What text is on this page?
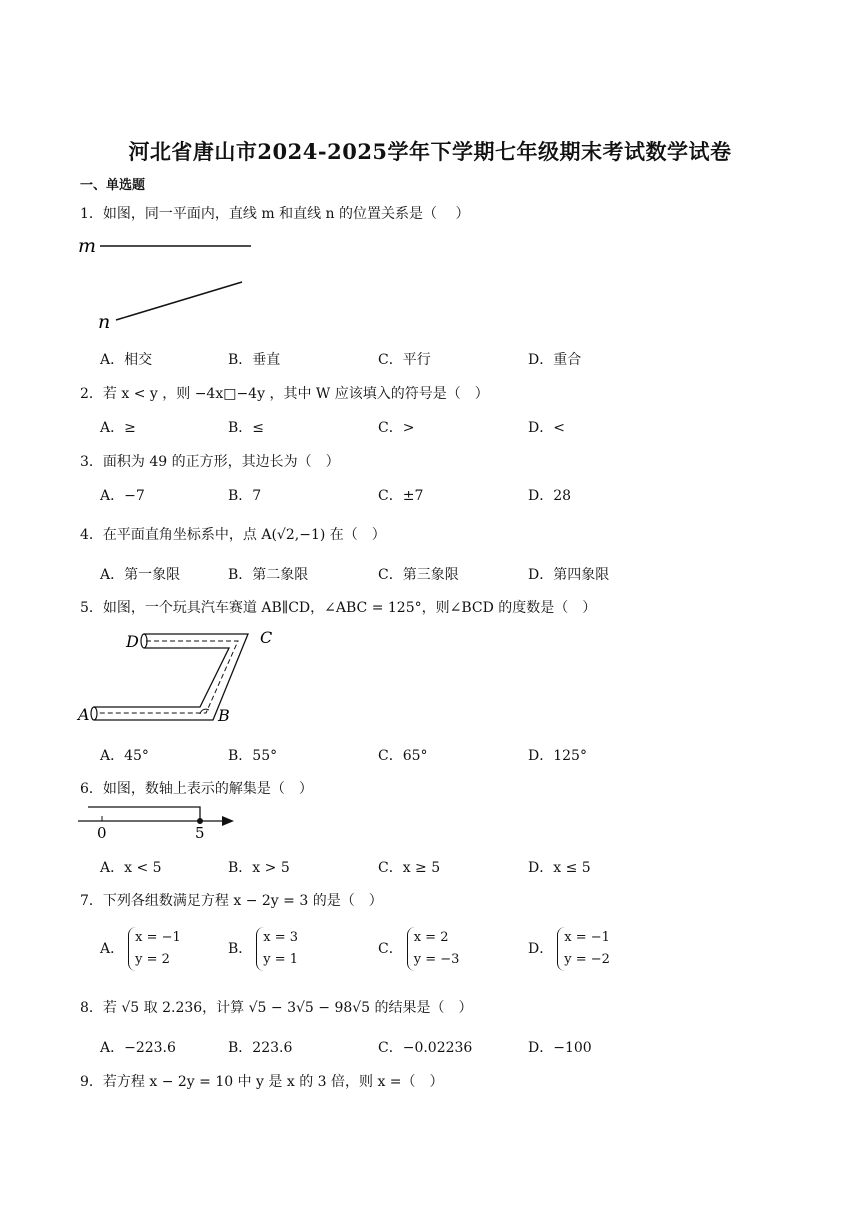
河北省唐山市2024-2025学年下学期七年级期末考试数学试卷
一、单选题
1．如图，同一平面内，直线 m 和直线 n 的位置关系是（　 ）
m
n
A．相交	B．垂直	C．平行	D．重合
2．若 x < y ，则 −4x□−4y ，其中 W 应该填入的符号是（　）
A．≥	B．≤	C．>	D．<
3．面积为 49 的正方形，其边长为（　）
A．−7	B．7	C．±7	D．28
4．在平面直角坐标系中，点 A(√2,−1) 在（　）
A．第一象限	B．第二象限	C．第三象限	D．第四象限
5．如图，一个玩具汽车赛道 AB∥CD，∠ABC = 125°，则∠BCD 的度数是（　）
D	C
A	B
A．45°	B．55°	C．65°	D．125°
6．如图，数轴上表示的解集是（　）
0	5
A．x < 5	B．x > 5	C．x ≥ 5	D．x ≤ 5
7．下列各组数满足方程 x − 2y = 3 的是（　）
A．
x = −1
y = 2
B．
x = 3
y = 1
C．
x = 2
y = −3
D．
x = −1
y = −2
8．若 √5 取 2.236，计算 √5 − 3√5 − 98√5 的结果是（　）
A．−223.6	B．223.6	C．−0.02236	D．−100
9．若方程 x − 2y = 10 中 y 是 x 的 3 倍，则 x =（　）
